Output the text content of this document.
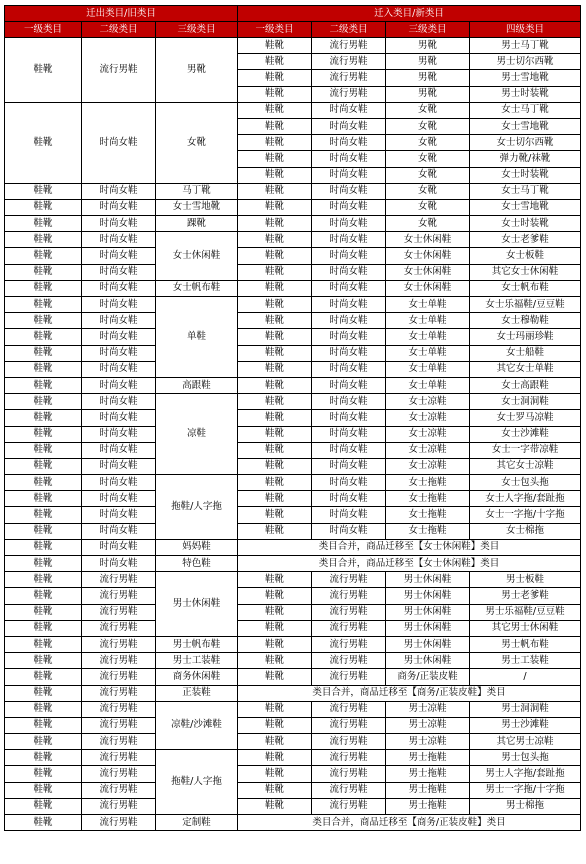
迁出类目/旧类目			迁入类目/新类目			
一级类目	二级类目	三级类目	一级类目	二级类目	三级类目	四级类目
鞋靴	流行男鞋	男靴	鞋靴	流行男鞋	男靴	男士马丁靴
			鞋靴	流行男鞋	男靴	男士切尔西靴
			鞋靴	流行男鞋	男靴	男士雪地靴
			鞋靴	流行男鞋	男靴	男士时装靴
鞋靴	时尚女鞋	女靴	鞋靴	时尚女鞋	女靴	女士马丁靴
			鞋靴	时尚女鞋	女靴	女士雪地靴
			鞋靴	时尚女鞋	女靴	女士切尔西靴
			鞋靴	时尚女鞋	女靴	弹力靴/袜靴
			鞋靴	时尚女鞋	女靴	女士时装靴
鞋靴	时尚女鞋	马丁靴	鞋靴	时尚女鞋	女靴	女士马丁靴
鞋靴	时尚女鞋	女士雪地靴	鞋靴	时尚女鞋	女靴	女士雪地靴
鞋靴	时尚女鞋	踝靴	鞋靴	时尚女鞋	女靴	女士时装靴
鞋靴	时尚女鞋	女士休闲鞋	鞋靴	时尚女鞋	女士休闲鞋	女士老爹鞋
鞋靴	时尚女鞋		鞋靴	时尚女鞋	女士休闲鞋	女士板鞋
鞋靴	时尚女鞋		鞋靴	时尚女鞋	女士休闲鞋	其它女士休闲鞋
鞋靴	时尚女鞋	女士帆布鞋	鞋靴	时尚女鞋	女士休闲鞋	女士帆布鞋
鞋靴	时尚女鞋	单鞋	鞋靴	时尚女鞋	女士单鞋	女士乐福鞋/豆豆鞋
鞋靴	时尚女鞋		鞋靴	时尚女鞋	女士单鞋	女士穆勒鞋
鞋靴	时尚女鞋		鞋靴	时尚女鞋	女士单鞋	女士玛丽珍鞋
鞋靴	时尚女鞋		鞋靴	时尚女鞋	女士单鞋	女士船鞋
鞋靴	时尚女鞋		鞋靴	时尚女鞋	女士单鞋	其它女士单鞋
鞋靴	时尚女鞋	高跟鞋	鞋靴	时尚女鞋	女士单鞋	女士高跟鞋
鞋靴	时尚女鞋	凉鞋	鞋靴	时尚女鞋	女士凉鞋	女士洞洞鞋
鞋靴	时尚女鞋		鞋靴	时尚女鞋	女士凉鞋	女士罗马凉鞋
鞋靴	时尚女鞋		鞋靴	时尚女鞋	女士凉鞋	女士沙滩鞋
鞋靴	时尚女鞋		鞋靴	时尚女鞋	女士凉鞋	女士一字带凉鞋
鞋靴	时尚女鞋		鞋靴	时尚女鞋	女士凉鞋	其它女士凉鞋
鞋靴	时尚女鞋	拖鞋/人字拖	鞋靴	时尚女鞋	女士拖鞋	女士包头拖
鞋靴	时尚女鞋		鞋靴	时尚女鞋	女士拖鞋	女士人字拖/套趾拖
鞋靴	时尚女鞋		鞋靴	时尚女鞋	女士拖鞋	女士一字拖/十字拖
鞋靴	时尚女鞋		鞋靴	时尚女鞋	女士拖鞋	女士棉拖
鞋靴	时尚女鞋	妈妈鞋	类目合并，商品迁移至【女士休闲鞋】类目			
鞋靴	时尚女鞋	特色鞋	类目合并，商品迁移至【女士休闲鞋】类目			
鞋靴	流行男鞋	男士休闲鞋	鞋靴	流行男鞋	男士休闲鞋	男士板鞋
鞋靴	流行男鞋		鞋靴	流行男鞋	男士休闲鞋	男士老爹鞋
鞋靴	流行男鞋		鞋靴	流行男鞋	男士休闲鞋	男士乐福鞋/豆豆鞋
鞋靴	流行男鞋		鞋靴	流行男鞋	男士休闲鞋	其它男士休闲鞋
鞋靴	流行男鞋	男士帆布鞋	鞋靴	流行男鞋	男士休闲鞋	男士帆布鞋
鞋靴	流行男鞋	男士工装鞋	鞋靴	流行男鞋	男士休闲鞋	男士工装鞋
鞋靴	流行男鞋	商务休闲鞋	鞋靴	流行男鞋	商务/正装皮鞋	/
鞋靴	流行男鞋	正装鞋	类目合并，商品迁移至【商务/正装皮鞋】类目			
鞋靴	流行男鞋	凉鞋/沙滩鞋	鞋靴	流行男鞋	男士凉鞋	男士洞洞鞋
鞋靴	流行男鞋		鞋靴	流行男鞋	男士凉鞋	男士沙滩鞋
鞋靴	流行男鞋		鞋靴	流行男鞋	男士凉鞋	其它男士凉鞋
鞋靴	流行男鞋	拖鞋/人字拖	鞋靴	流行男鞋	男士拖鞋	男士包头拖
鞋靴	流行男鞋		鞋靴	流行男鞋	男士拖鞋	男士人字拖/套趾拖
鞋靴	流行男鞋		鞋靴	流行男鞋	男士拖鞋	男士一字拖/十字拖
鞋靴	流行男鞋		鞋靴	流行男鞋	男士拖鞋	男士棉拖
鞋靴	流行男鞋	定制鞋	类目合并，商品迁移至【商务/正装皮鞋】类目			
